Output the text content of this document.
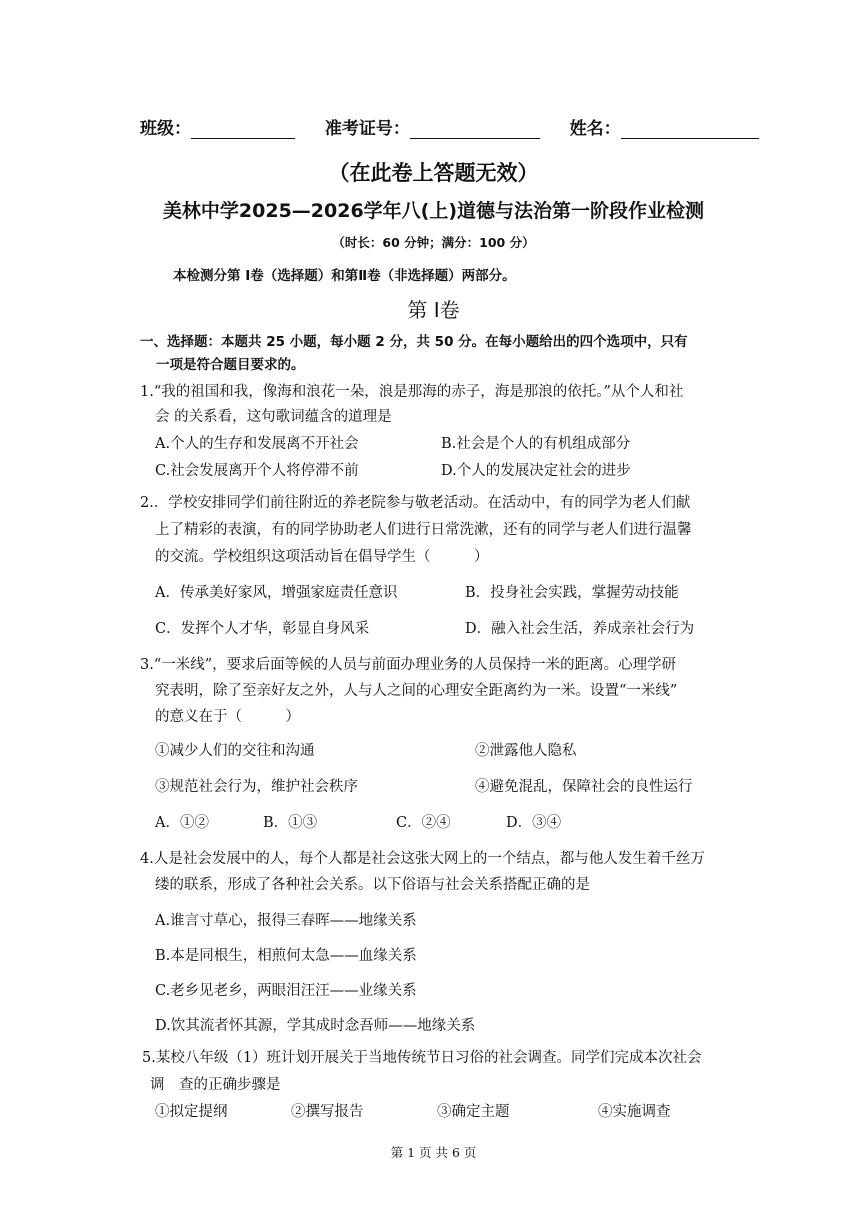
班级：	准考证号：	姓名：
（在此卷上答题无效）
美林中学2025—2026学年八(上)道德与法治第一阶段作业检测
（时长：60 分钟；满分：100 分）
本检测分第 Ⅰ卷（选择题）和第Ⅱ卷（非选择题）两部分。
第 Ⅰ卷
一、选择题：本题共 25 小题，每小题 2 分，共 50 分。在每小题给出的四个选项中，只有
一项是符合题目要求的。
1.“我的祖国和我，像海和浪花一朵，浪是那海的赤子，海是那浪的依托。”从个人和社
会 的关系看，这句歌词蕴含的道理是
A.个人的生存和发展离不开社会	B.社会是个人的有机组成部分
C.社会发展离开个人将停滞不前	D.个人的发展决定社会的进步
2.．学校安排同学们前往附近的养老院参与敬老活动。在活动中，有的同学为老人们献
上了精彩的表演，有的同学协助老人们进行日常洗漱，还有的同学与老人们进行温馨
的交流。学校组织这项活动旨在倡导学生（　　　）
A．传承美好家风，增强家庭责任意识	B．投身社会实践，掌握劳动技能
C．发挥个人才华，彰显自身风采	D．融入社会生活，养成亲社会行为
3.“一米线”，要求后面等候的人员与前面办理业务的人员保持一米的距离。心理学研
究表明，除了至亲好友之外，人与人之间的心理安全距离约为一米。设置“一米线”
的意义在于（　　　）
①减少人们的交往和沟通	②泄露他人隐私
③规范社会行为，维护社会秩序	④避免混乱，保障社会的良性运行
A．①②	B．①③	C．②④	D．③④
4.人是社会发展中的人，每个人都是社会这张大网上的一个结点，都与他人发生着千丝万
缕的联系，形成了各种社会关系。以下俗语与社会关系搭配正确的是
A.谁言寸草心，报得三春晖——地缘关系
B.本是同根生，相煎何太急——血缘关系
C.老乡见老乡，两眼泪汪汪——业缘关系
D.饮其流者怀其源，学其成时念吾师——地缘关系
5.某校八年级（1）班计划开展关于当地传统节日习俗的社会调查。同学们完成本次社会
调　查的正确步骤是
①拟定提纲	②撰写报告	③确定主题	④实施调查
第 1 页 共 6 页
